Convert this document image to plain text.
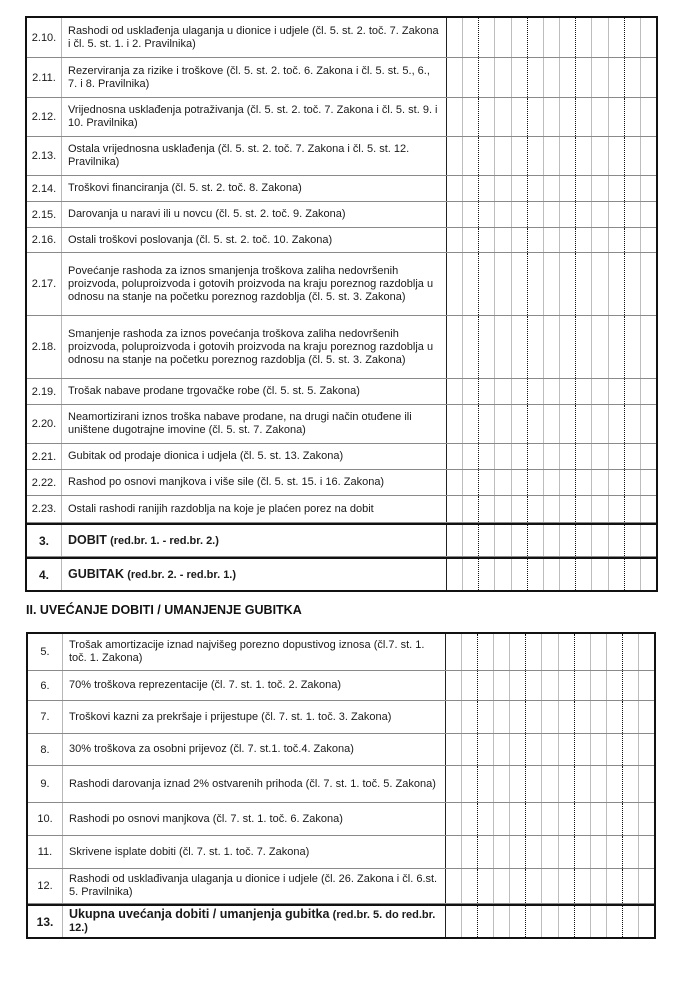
2.10.
Rashodi od usklađenja ulaganja u dionice i udjele (čl. 5. st. 2. toč. 7. Zakona i čl. 5. st. 1. i 2. Pravilnika)
2.11.
Rezerviranja za rizike i troškove (čl. 5. st. 2. toč. 6. Zakona i čl. 5. st. 5., 6., 7. i 8. Pravilnika)
2.12.
Vrijednosna usklađenja potraživanja (čl. 5. st. 2. toč. 7. Zakona i čl. 5. st. 9. i 10. Pravilnika)
2.13.
Ostala vrijednosna usklađenja (čl. 5. st. 2. toč. 7. Zakona i čl. 5. st. 12. Pravilnika)
2.14.	Troškovi financiranja (čl. 5. st. 2. toč. 8. Zakona)
2.15.	Darovanja u naravi ili u novcu (čl. 5. st. 2. toč. 9. Zakona)
2.16.	Ostali troškovi poslovanja (čl. 5. st. 2. toč. 10. Zakona)
2.17.
Povećanje rashoda za iznos smanjenja troškova zaliha nedovršenih proizvoda, poluproizvoda i gotovih proizvoda na kraju poreznog razdoblja u odnosu na stanje na početku poreznog razdoblja (čl. 5. st. 3. Zakona)
2.18.
Smanjenje rashoda za iznos povećanja troškova zaliha nedovršenih proizvoda, poluproizvoda i gotovih proizvoda na kraju poreznog razdoblja u odnosu na stanje na početku poreznog razdoblja (čl. 5. st. 3. Zakona)
2.19.	Trošak nabave prodane trgovačke robe (čl. 5. st. 5. Zakona)
2.20.
Neamortizirani iznos troška nabave prodane, na drugi način otuđene ili uništene dugotrajne imovine (čl. 5. st. 7. Zakona)
2.21.	Gubitak od prodaje dionica i udjela (čl. 5. st. 13. Zakona)
2.22.	Rashod po osnovi manjkova i više sile (čl. 5. st. 15. i 16. Zakona)
2.23.	Ostali rashodi ranijih razdoblja na koje je plaćen porez na dobit
3.	DOBIT (red.br. 1. - red.br. 2.)
4.	GUBITAK (red.br. 2. - red.br. 1.)
II. UVEĆANJE DOBITI / UMANJENJE GUBITKA
5.
Trošak amortizacije iznad najvišeg porezno dopustivog iznosa (čl.7. st. 1. toč. 1. Zakona)
6.	70% troškova reprezentacije (čl. 7. st. 1. toč. 2. Zakona)
7.	Troškovi kazni za prekršaje i prijestupe (čl. 7. st. 1. toč. 3. Zakona)
8.	30% troškova za osobni prijevoz (čl. 7. st.1. toč.4. Zakona)
9.	Rashodi darovanja iznad 2% ostvarenih prihoda (čl. 7. st. 1. toč. 5. Zakona)
10.	Rashodi po osnovi manjkova (čl. 7. st. 1. toč. 6. Zakona)
11.	Skrivene isplate dobiti (čl. 7. st. 1. toč. 7. Zakona)
12.
Rashodi od usklađivanja ulaganja u dionice i udjele (čl. 26. Zakona i čl. 6.st. 5. Pravilnika)
13.
Ukupna uvećanja dobiti / umanjenja gubitka (red.br. 5. do red.br. 12.)
